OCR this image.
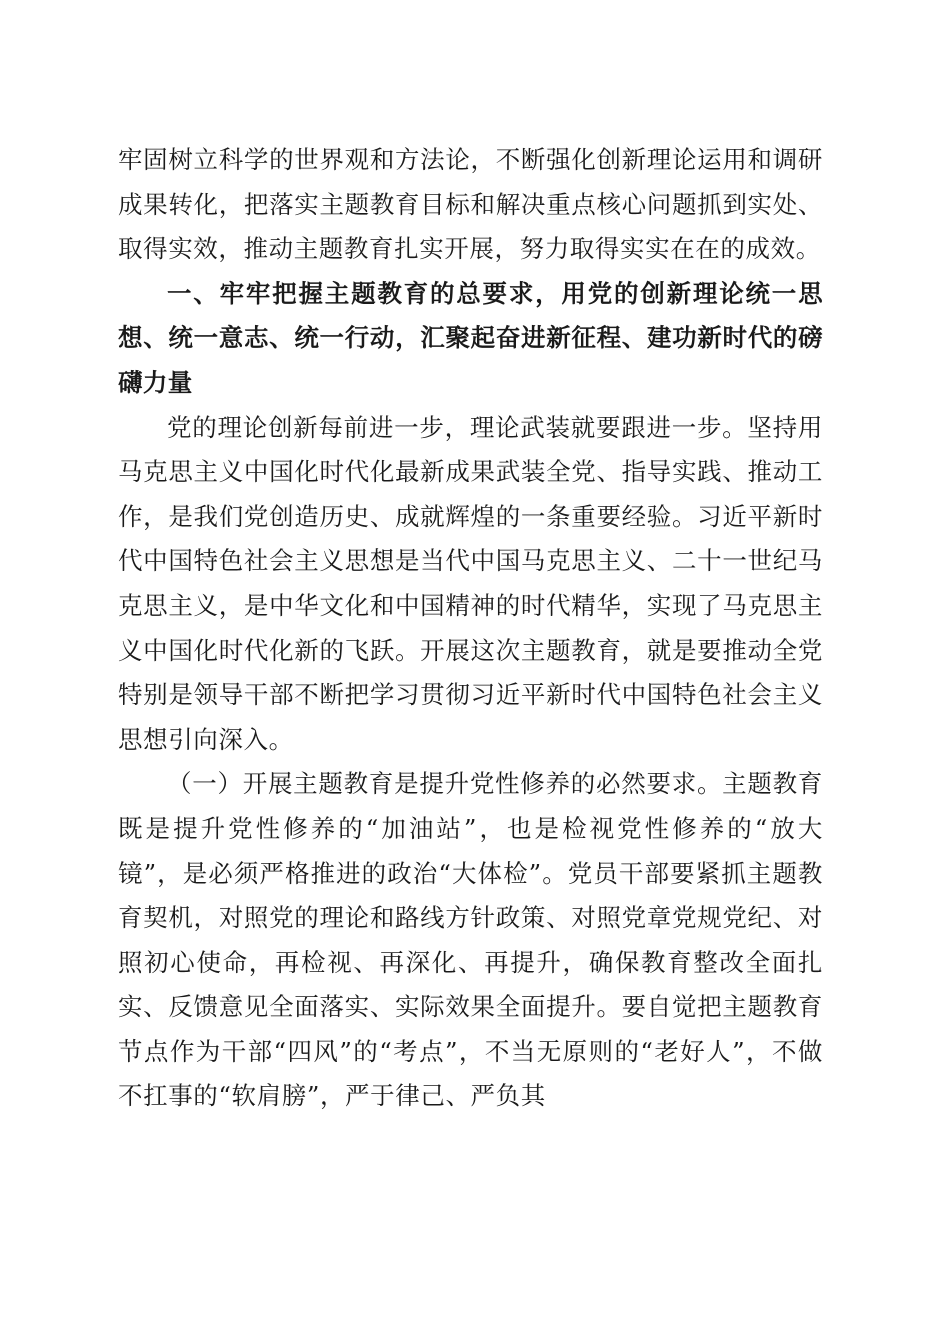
牢固树立科学的世界观和方法论，不断强化创新理论运用和调研成果转化，把落实主题教育目标和解决重点核心问题抓到实处、取得实效，推动主题教育扎实开展，努力取得实实在在的成效。

一、牢牢把握主题教育的总要求，用党的创新理论统一思想、统一意志、统一行动，汇聚起奋进新征程、建功新时代的磅礴力量

党的理论创新每前进一步，理论武装就要跟进一步。坚持用马克思主义中国化时代化最新成果武装全党、指导实践、推动工作，是我们党创造历史、成就辉煌的一条重要经验。习近平新时代中国特色社会主义思想是当代中国马克思主义、二十一世纪马克思主义，是中华文化和中国精神的时代精华，实现了马克思主义中国化时代化新的飞跃。开展这次主题教育，就是要推动全党特别是领导干部不断把学习贯彻习近平新时代中国特色社会主义思想引向深入。

（一）开展主题教育是提升党性修养的必然要求。主题教育既是提升党性修养的“加油站”，也是检视党性修养的“放大镜”，是必须严格推进的政治“大体检”。党员干部要紧抓主题教育契机，对照党的理论和路线方针政策、对照党章党规党纪、对照初心使命，再检视、再深化、再提升，确保教育整改全面扎实、反馈意见全面落实、实际效果全面提升。要自觉把主题教育节点作为干部“四风”的“考点”，不当无原则的“老好人”，不做不扛事的“软肩膀”，严于律己、严负其
